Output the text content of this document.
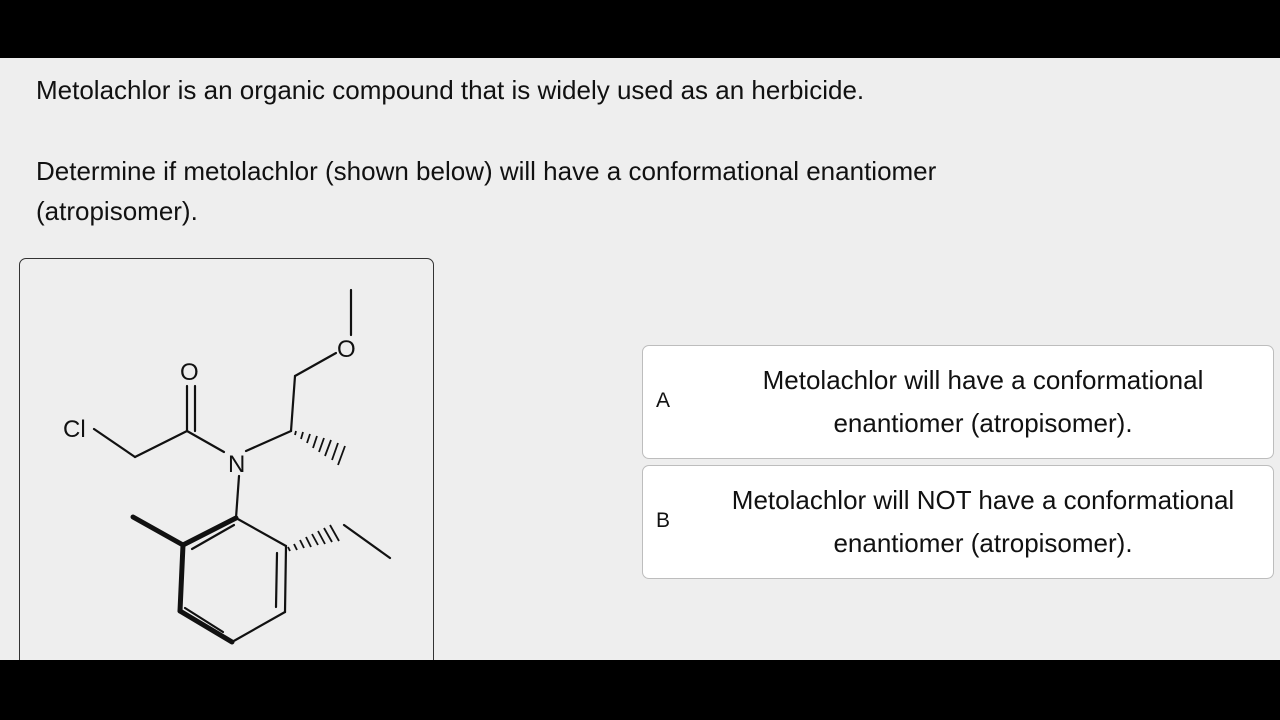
Metolachlor is an organic compound that is widely used as an herbicide.

Determine if metolachlor (shown below) will have a conformational enantiomer (atropisomer).

Cl
O
N
O
A
Metolachlor will have a conformational enantiomer (atropisomer).
B
Metolachlor will NOT have a conformational enantiomer (atropisomer).
